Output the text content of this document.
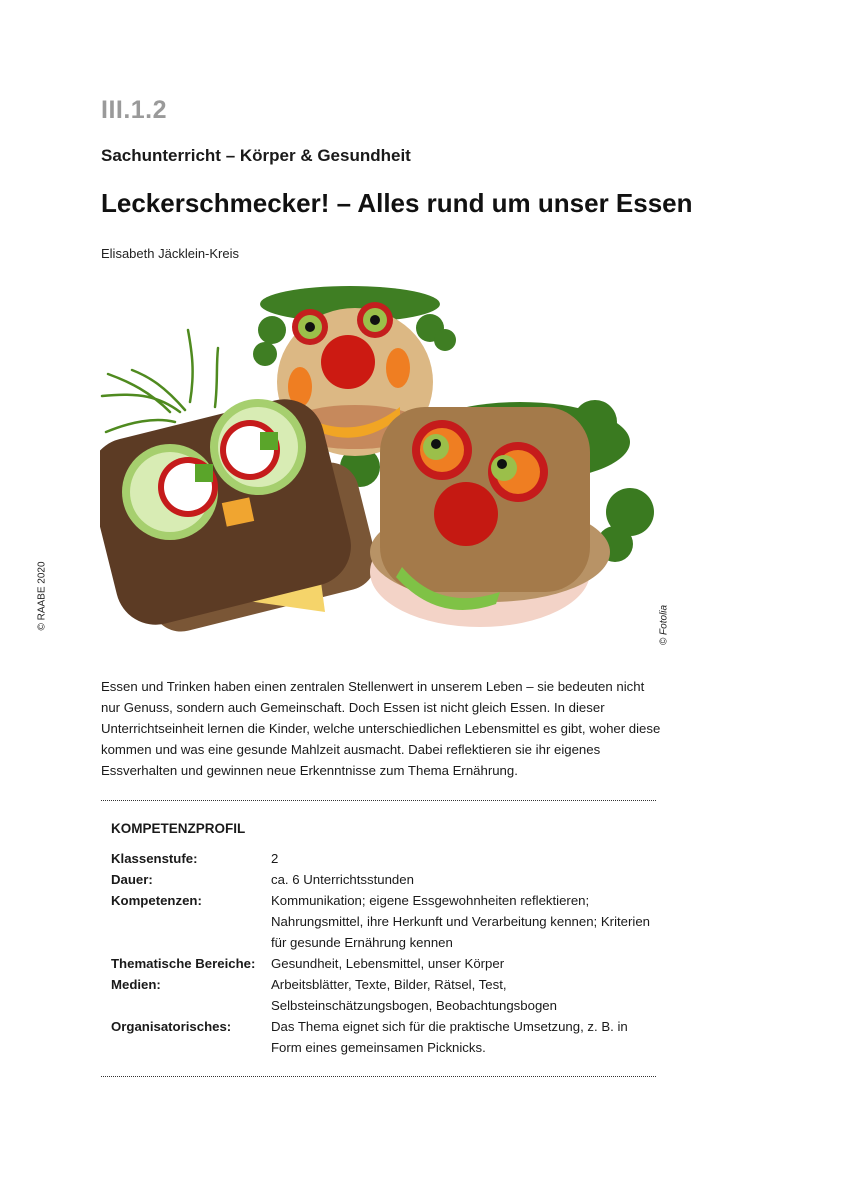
III.1.2
Sachunterricht – Körper & Gesundheit
Leckerschmecker! – Alles rund um unser Essen
Elisabeth Jäcklein-Kreis
© RAABE 2020	© Fotolia

Essen und Trinken haben einen zentralen Stellenwert in unserem Leben – sie bedeuten nicht nur Genuss, sondern auch Gemeinschaft. Doch Essen ist nicht gleich Essen. In dieser Unterrichtseinheit lernen die Kinder, welche unterschiedlichen Lebensmittel es gibt, woher diese kommen und was eine gesunde Mahlzeit ausmacht. Dabei reflektieren sie ihr eigenes Essverhalten und gewinnen neue Erkenntnisse zum Thema Ernährung.

KOMPETENZPROFIL
Klassenstufe:	2
Dauer:	ca. 6 Unterrichtsstunden
Kompetenzen:	Kommunikation; eigene Essgewohnheiten reflektieren; Nahrungsmittel, ihre Herkunft und Verarbeitung kennen; Kriterien für gesunde Ernährung kennen
Thematische Bereiche:	Gesundheit, Lebensmittel, unser Körper
Medien:	Arbeitsblätter, Texte, Bilder, Rätsel, Test, Selbsteinschätzungsbogen, Beobachtungsbogen
Organisatorisches:	Das Thema eignet sich für die praktische Umsetzung, z. B. in Form eines gemeinsamen Picknicks.
